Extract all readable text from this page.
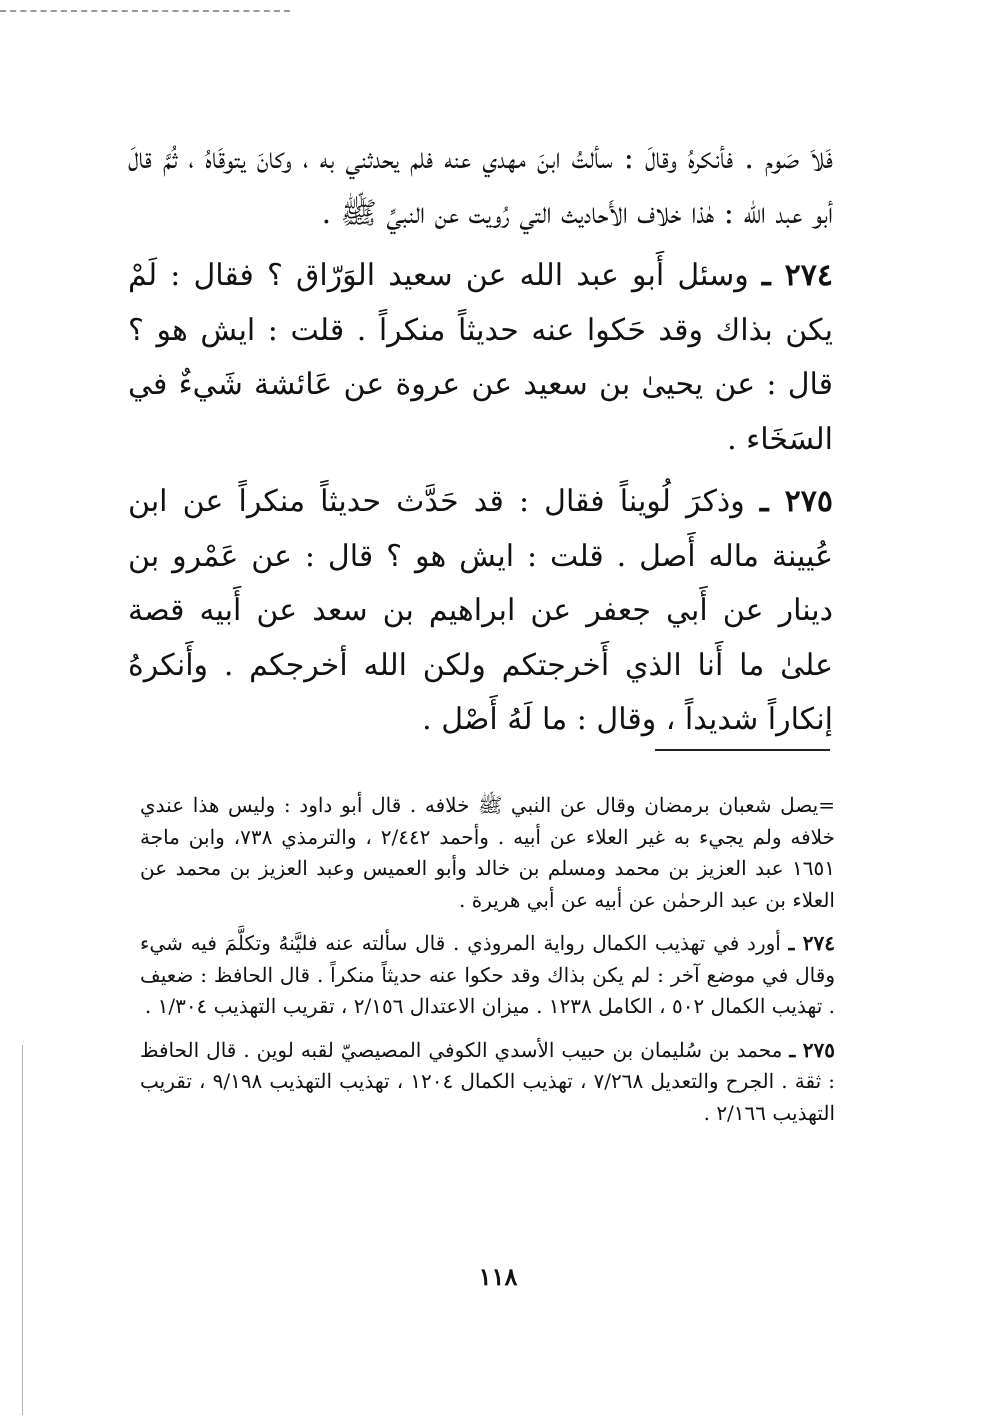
فَلاَ صَوم . فأنكرهُ وقالَ : سألتُ ابنَ مهدي عنه فلم يحدثني به ، وكانَ يتوقَاهُ ، ثُمَّ قالَ أبو عبد الله : هٰذا خلاف الأَحاديث التي رُويت عن النبيِّ ﷺ .

٢٧٤ ـ وسئل أَبو عبد الله عن سعيد الوَرّاق ؟ فقال : لَمْ يكن بذاك وقد حَكوا عنه حديثاً منكراً . قلت : ايش هو ؟ قال : عن يحيىٰ بن سعيد عن عروة عن عَائشة شَيءٌ في السَخَاء .

٢٧٥ ـ وذكرَ لُويناً فقال : قد حَدَّث حديثاً منكراً عن ابن عُيينة ماله أَصل . قلت : ايش هو ؟ قال : عن عَمْرو بن دينار عن أَبي جعفر عن ابراهيم بن سعد عن أَبيه قصة علىٰ ما أَنا الذي أَخرجتكم ولكن الله أخرجكم . وأَنكرهُ إنكاراً شديداً ، وقال : ما لَهُ أَصْل .

=يصل شعبان برمضان وقال عن النبي ﷺ خلافه . قال أبو داود : وليس هذا عندي خلافه ولم يجيء به غير العلاء عن أبيه . وأحمد ٢/٤٤٢ ، والترمذي ٧٣٨، وابن ماجة ١٦٥١ عبد العزيز بن محمد ومسلم بن خالد وأبو العميس وعبد العزيز بن محمد عن العلاء بن عبد الرحمٰن عن أبيه عن أبي هريرة .

٢٧٤ ـ أورد في تهذيب الكمال رواية المروذي . قال سألته عنه فليَّنهُ وتكلَّمَ فيه شيء وقال في موضع آخر : لم يكن بذاك وقد حكوا عنه حديثاً منكراً . قال الحافظ : ضعيف . تهذيب الكمال ٥٠٢ ، الكامل ١٢٣٨ . ميزان الاعتدال ٢/١٥٦ ، تقريب التهذيب ١/٣٠٤ .

٢٧٥ ـ محمد بن سُليمان بن حبيب الأسدي الكوفي المصيصيّ لقبه لوين . قال الحافظ : ثقة . الجرح والتعديل ٧/٢٦٨ ، تهذيب الكمال ١٢٠٤ ، تهذيب التهذيب ٩/١٩٨ ، تقريب التهذيب ٢/١٦٦ .

١١٨
